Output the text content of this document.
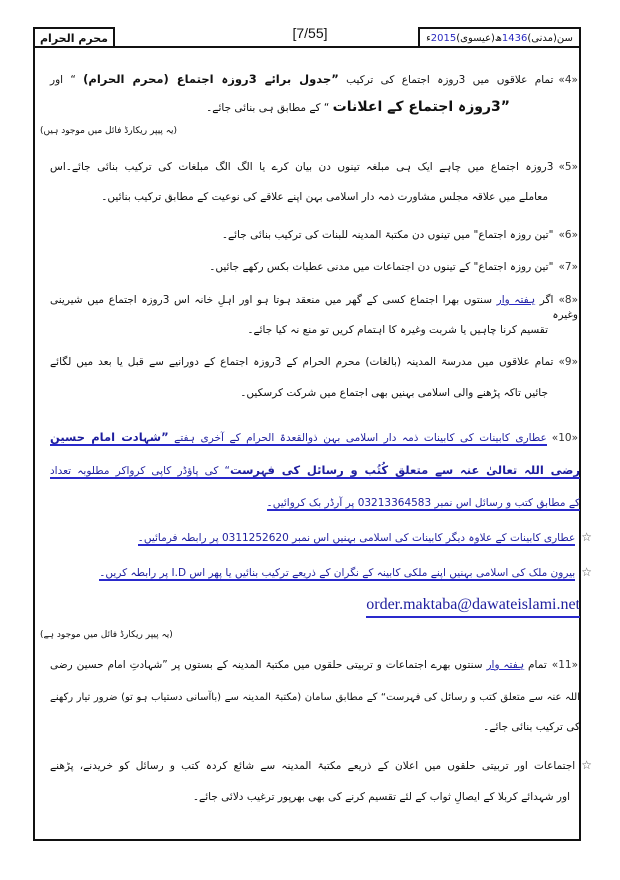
سن(مدنی)1436ھ(عیسوی)2015ء
[7/55]
محرم الحرام
«4»تمام علاقوں میں 3روزہ اجتماع کی ترکیب ”جدول برائے 3روزہ اجتماع (محرم الحرام) “ اور
”3روزہ اجتماع کے اعلانات “ کے مطابق ہی بنائی جائے۔
(یہ پیپر ریکارڈ فائل میں موجود ہیں)
«5»3روزہ اجتماع میں چاہے ایک ہی مبلغہ تینوں دن بیان کرے یا الگ الگ مبلغات کی ترکیب بنائی جائے۔اس
معاملے میں علاقہ مجلس مشاورت ذمہ دار اسلامی بہن اپنے علاقے کی نوعیت کے مطابق ترکیب بنائیں۔
«6»"تین روزہ اجتماع" میں تینوں دن مکتبۃ المدینہ للبنات کی ترکیب بنائی جائے۔
«7»"تین روزہ اجتماع" کے تینوں دن اجتماعات میں مدنی عطیات بکس رکھے جائیں۔
«8»اگر ہفتہ وار سنتوں بھرا اجتماع کسی کے گھر میں منعقد ہوتا ہو اور اہلِ خانہ اس 3روزہ اجتماع میں شیرینی وغیرہ
تقسیم کرنا چاہیں یا شربت وغیرہ کا اہتمام کریں تو منع نہ کیا جائے۔
«9»تمام علاقوں میں مدرسۃ المدینہ (بالغات) محرم الحرام کے 3روزہ اجتماع کے دورانیے سے قبل یا بعد میں لگائے
جائیں تاکہ پڑھنے والی اسلامی بہنیں بھی اجتماع میں شرکت کرسکیں۔
«10»عطاری کابینات کی کابینات ذمہ دار اسلامی بہن ذوالقعدۃ الحرام کے آخری ہفتے ”شہادت امام حسین
رضی اللہ تعالیٰ عنہ سے متعلق کُتُب و رسائل کی فہرست“ کی پاؤڈر کاپی کرواکر مطلوبہ تعداد
کے مطابق کتب و رسائل اس نمبر 03213364583 پر آرڈر بک کروائیں۔
☆عطاری کابینات کے علاوہ دیگر کابینات کی اسلامی بہنیں اس نمبر 0311252620 پر رابطہ فرمائیں۔
☆بیرونِ ملک کی اسلامی بہنیں اپنے ملکی کابینہ کے نگران کے ذریعے ترکیب بنائیں یا پھر اس I.D پر رابطہ کریں۔
order.maktaba@dawateislami.net
(یہ پیپر ریکارڈ فائل میں موجود ہے)
«11»تمام ہفتہ وار سنتوں بھرے اجتماعات و تربیتی حلقوں میں مکتبۃ المدینہ کے بستوں پر ”شہادتِ امام حسین رضی
اللہ عنہ سے متعلق کتب و رسائل کی فہرست“ کے مطابق سامان (مکتبۃ المدینہ سے (باآسانی دستیاب ہو تو) ضرور تیار رکھنے
کی ترکیب بنائی جائے۔
☆اجتماعات اور تربیتی حلقوں میں اعلان کے ذریعے مکتبۃ المدینہ سے شائع کردہ کتب و رسائل کو خریدنے، پڑھنے
اور شہدائے کربلا کے ایصالِ ثواب کے لئے تقسیم کرنے کی بھی بھرپور ترغیب دلائی جائے۔
